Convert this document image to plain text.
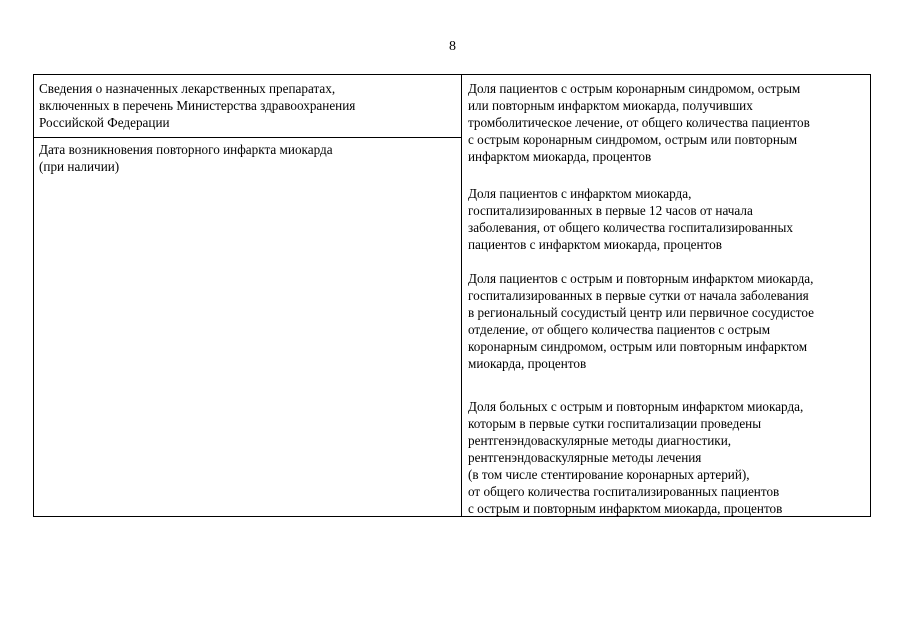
8
Сведения о назначенных лекарственных препаратах,
включенных в перечень Министерства здравоохранения
Российской Федерации
Дата возникновения повторного инфаркта миокарда
(при наличии)
Доля пациентов с острым коронарным синдромом, острым
или повторным инфарктом миокарда, получивших
тромболитическое лечение, от общего количества пациентов
с острым коронарным синдромом, острым или повторным
инфарктом миокарда, процентов
Доля пациентов с инфарктом миокарда,
госпитализированных в первые 12 часов от начала
заболевания, от общего количества госпитализированных
пациентов с инфарктом миокарда, процентов
Доля пациентов с острым и повторным инфарктом миокарда,
госпитализированных в первые сутки от начала заболевания
в региональный сосудистый центр или первичное сосудистое
отделение, от общего количества пациентов с острым
коронарным синдромом, острым или повторным инфарктом
миокарда, процентов
Доля больных с острым и повторным инфарктом миокарда,
которым в первые сутки госпитализации проведены
рентгенэндоваскулярные методы диагностики,
рентгенэндоваскулярные методы лечения
(в том числе стентирование коронарных артерий),
от общего количества госпитализированных пациентов
с острым и повторным инфарктом миокарда, процентов
